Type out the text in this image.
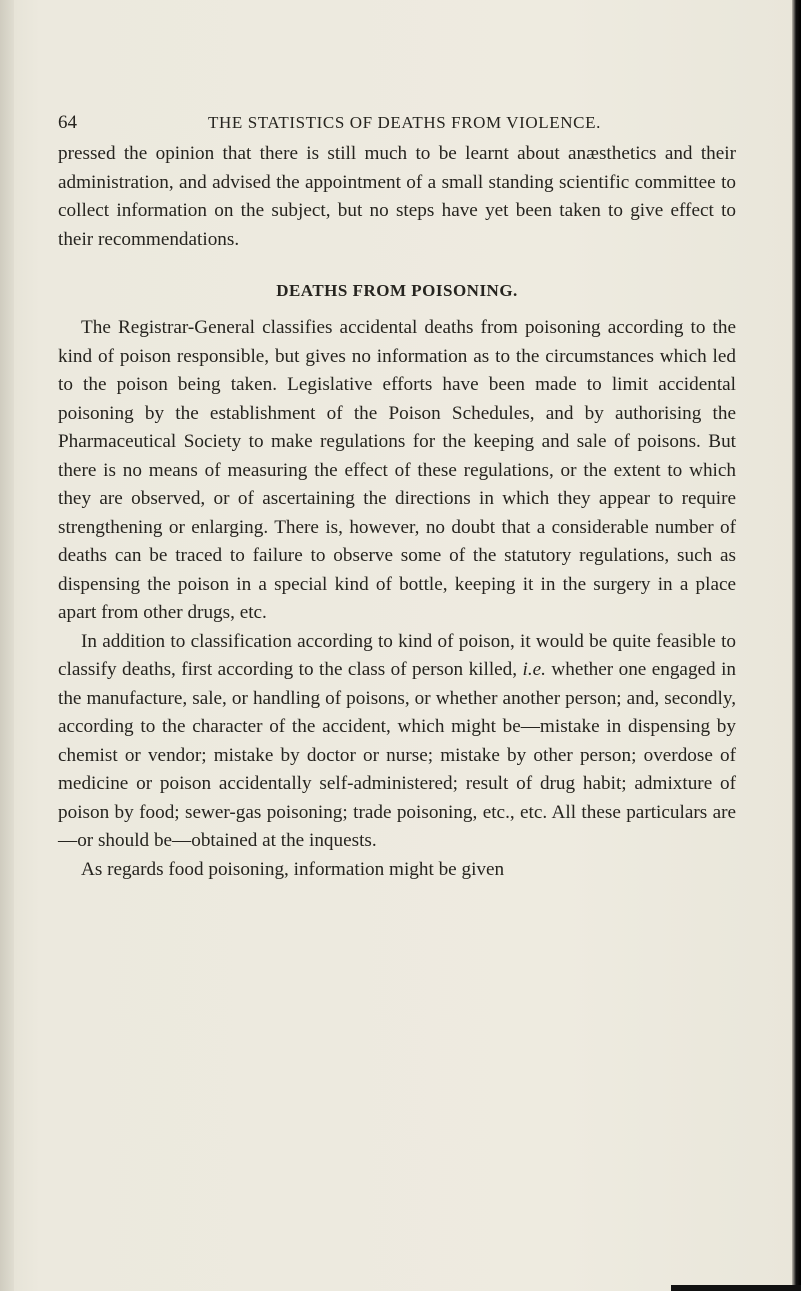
64	THE STATISTICS OF DEATHS FROM VIOLENCE.

pressed the opinion that there is still much to be learnt about anæsthetics and their administration, and advised the appointment of a small standing scientific committee to collect information on the subject, but no steps have yet been taken to give effect to their recommendations.

DEATHS FROM POISONING.

The Registrar-General classifies accidental deaths from poisoning according to the kind of poison responsible, but gives no information as to the circumstances which led to the poison being taken. Legislative efforts have been made to limit accidental poisoning by the establishment of the Poison Schedules, and by authorising the Pharmaceutical Society to make regulations for the keeping and sale of poisons. But there is no means of measuring the effect of these regulations, or the extent to which they are observed, or of ascertaining the directions in which they appear to require strengthening or enlarging. There is, however, no doubt that a considerable number of deaths can be traced to failure to observe some of the statutory regulations, such as dispensing the poison in a special kind of bottle, keeping it in the surgery in a place apart from other drugs, etc.

In addition to classification according to kind of poison, it would be quite feasible to classify deaths, first according to the class of person killed, i.e. whether one engaged in the manufacture, sale, or handling of poisons, or whether another person; and, secondly, according to the character of the accident, which might be—mistake in dispensing by chemist or vendor; mistake by doctor or nurse; mistake by other person; overdose of medicine or poison accidentally self-administered; result of drug habit; admixture of poison by food; sewer-gas poisoning; trade poisoning, etc., etc. All these particulars are—or should be—obtained at the inquests.

As regards food poisoning, information might be given
